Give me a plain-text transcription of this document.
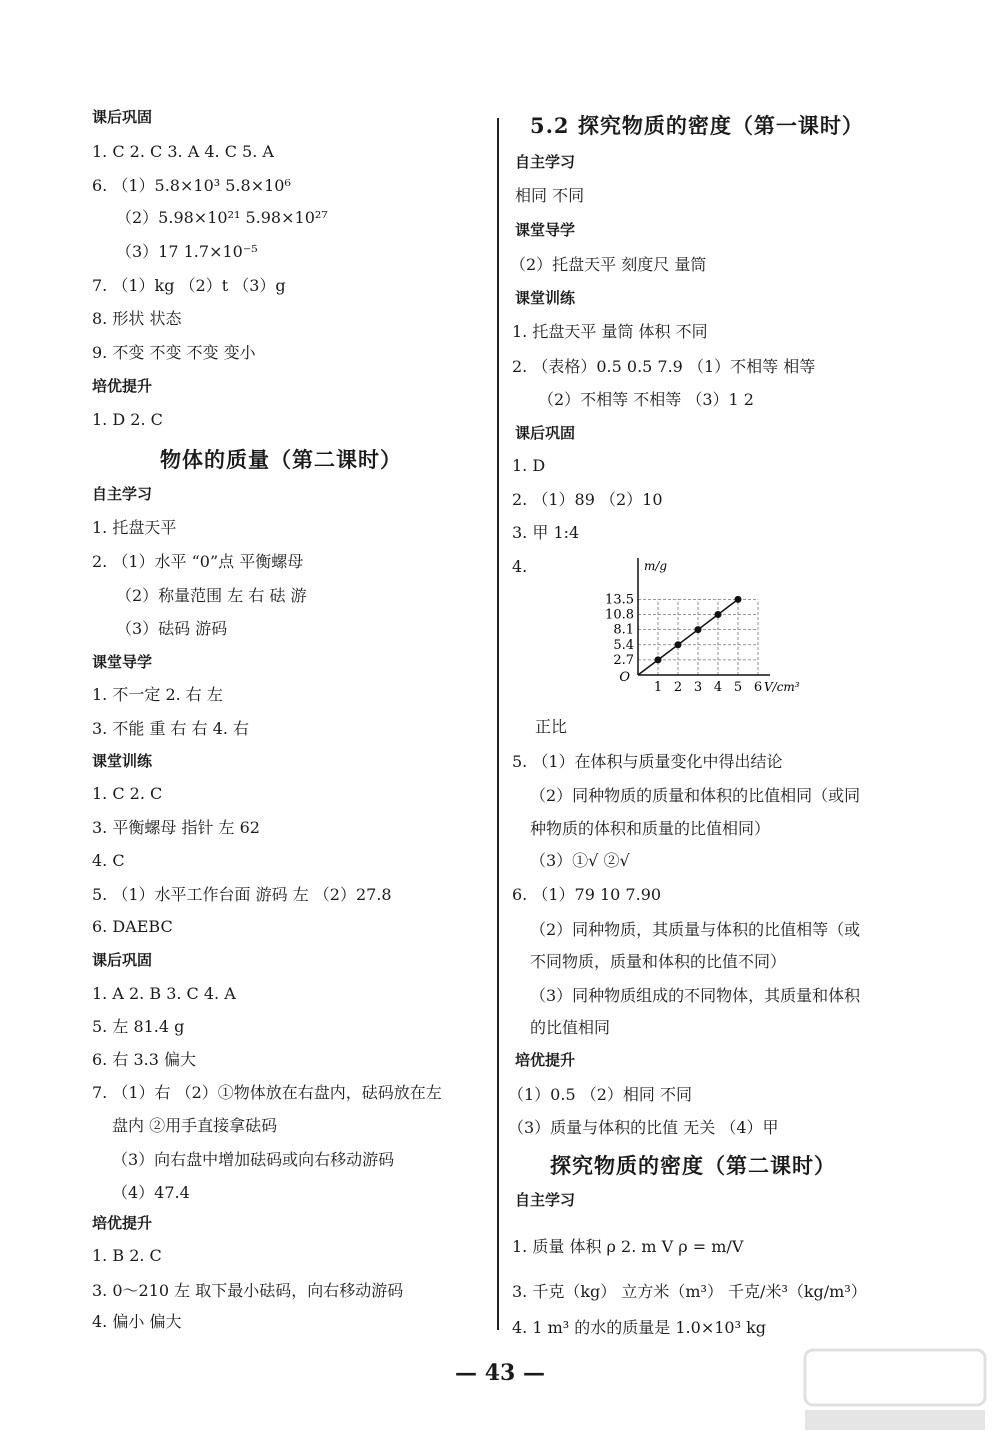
课后巩固
1. C 2. C 3. A 4. C 5. A
6. （1）5.8×10³ 5.8×10⁶
（2）5.98×10²¹ 5.98×10²⁷
（3）17 1.7×10⁻⁵
7. （1）kg （2）t （3）g
8. 形状 状态
9. 不变 不变 不变 变小
培优提升
1. D 2. C
物体的质量（第二课时）
自主学习
1. 托盘天平
2. （1）水平 “0”点 平衡螺母
（2）称量范围 左 右 砝 游
（3）砝码 游码
课堂导学
1. 不一定 2. 右 左
3. 不能 重 右 右 4. 右
课堂训练
1. C 2. C
3. 平衡螺母 指针 左 62
4. C
5. （1）水平工作台面 游码 左 （2）27.8
6. DAEBC
课后巩固
1. A 2. B 3. C 4. A
5. 左 81.4 g
6. 右 3.3 偏大
7. （1）右 （2）①物体放在右盘内，砝码放在左
盘内 ②用手直接拿砝码
（3）向右盘中增加砝码或向右移动游码
（4）47.4
培优提升
1. B 2. C
3. 0～210 左 取下最小砝码，向右移动游码
4. 偏小 偏大
5.2 探究物质的密度（第一课时）
自主学习
相同 不同
课堂导学
（2）托盘天平 刻度尺 量筒
课堂训练
1. 托盘天平 量筒 体积 不同
2. （表格）0.5 0.5 7.9 （1）不相等 相等
（2）不相等 不相等 （3）1 2
课后巩固
1. D
2. （1）89 （2）10
3. 甲 1:4
4.
正比
5. （1）在体积与质量变化中得出结论
（2）同种物质的质量和体积的比值相同（或同
种物质的体积和质量的比值相同）
（3）①√ ②√
6. （1）79 10 7.90
（2）同种物质，其质量与体积的比值相等（或
不同物质，质量和体积的比值不同）
（3）同种物质组成的不同物体，其质量和体积
的比值相同
培优提升
（1）0.5 （2）相同 不同
（3）质量与体积的比值 无关 （4）甲
探究物质的密度（第二课时）
自主学习
1. 质量 体积 ρ 2. m V ρ = m/V
3. 千克（kg） 立方米（m³） 千克/米³（kg/m³）
4. 1 m³ 的水的质量是 1.0×10³ kg
1 2 3 4 5 6
2.7
5.4
8.1
10.8
13.5
O
V/cm³
m/g
— 43 —
